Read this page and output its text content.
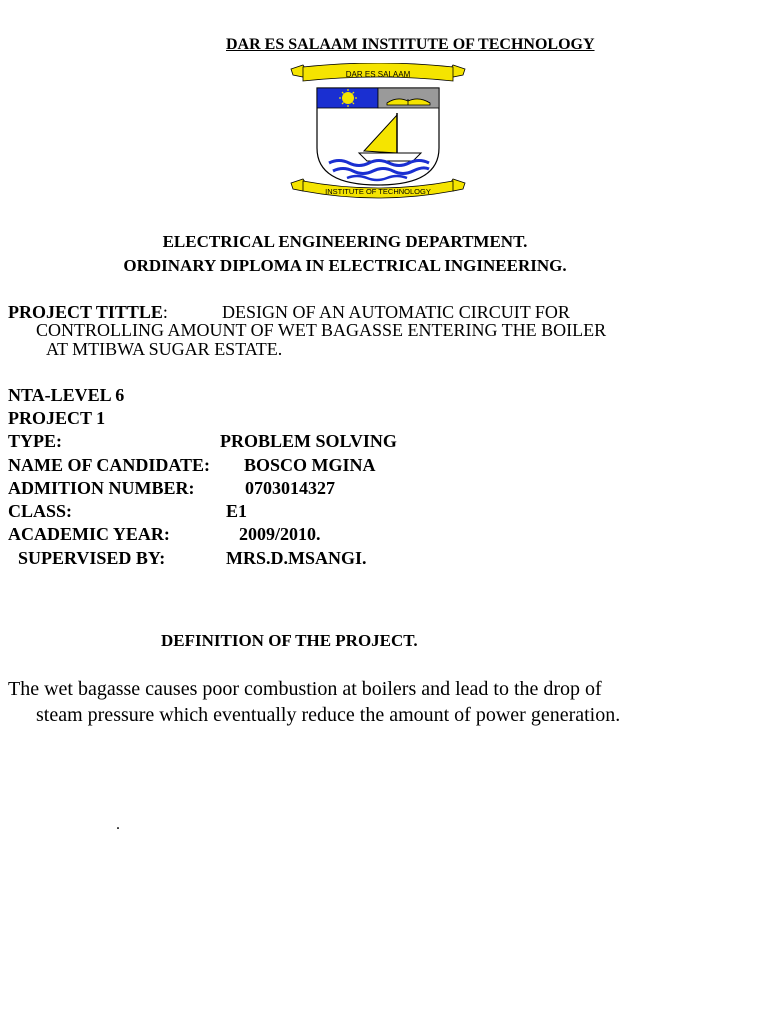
DAR ES SALAAM INSTITUTE OF TECHNOLOGY
DAR ES SALAAM
INSTITUTE OF TECHNOLOGY
ELECTRICAL ENGINEERING DEPARTMENT.
ORDINARY DIPLOMA IN ELECTRICAL INGINEERING.
PROJECT TITTLE:	DESIGN OF AN AUTOMATIC CIRCUIT FOR
CONTROLLING AMOUNT OF WET BAGASSE ENTERING THE BOILER
AT MTIBWA SUGAR ESTATE.
NTA-LEVEL 6
PROJECT 1
TYPE:	PROBLEM SOLVING
NAME OF CANDIDATE: BOSCO MGINA
ADMITION NUMBER:	0703014327
CLASS:	E1
ACADEMIC YEAR:	2009/2010.
SUPERVISED BY:	MRS.D.MSANGI.
DEFINITION OF THE PROJECT.
The wet bagasse causes poor combustion at boilers and lead to the drop of
steam pressure which eventually reduce the amount of power generation.
.
